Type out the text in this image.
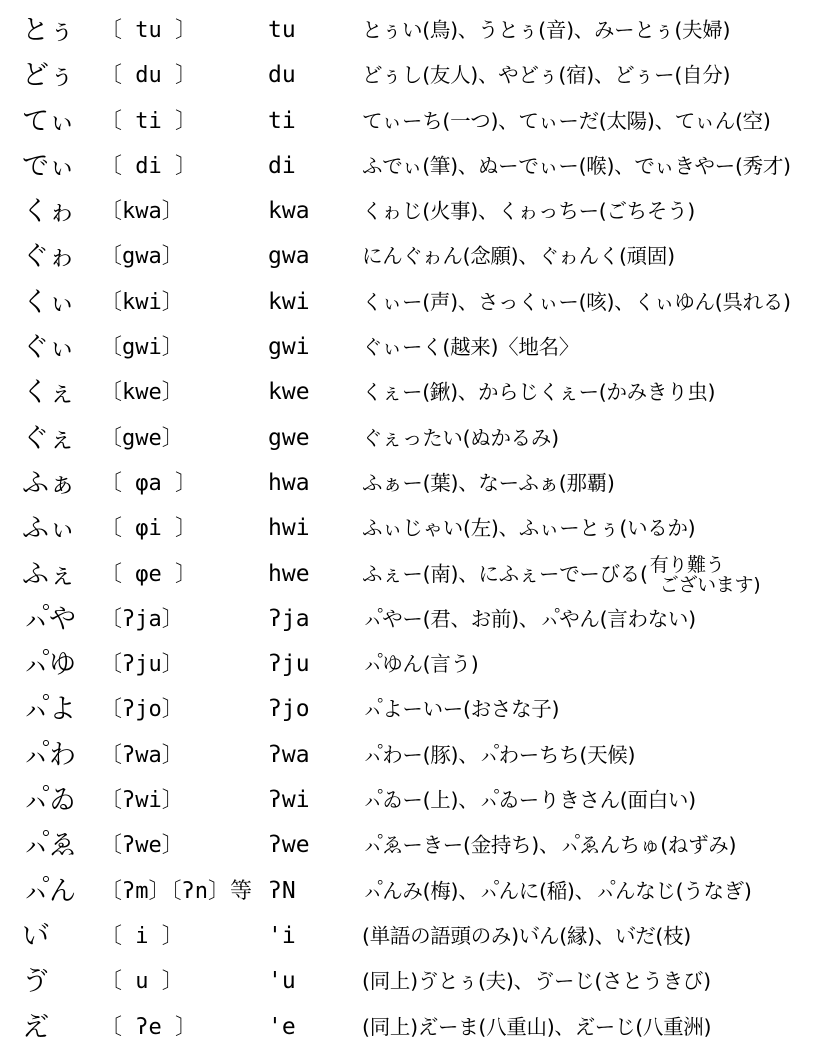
とぅ 〔 tu 〕	tu	とぅい(鳥)、うとぅ(音)、みーとぅ(夫婦)
どぅ 〔 du 〕	du	どぅし(友人)、やどぅ(宿)、どぅー(自分)
てぃ 〔 ti 〕	ti	てぃーち(一つ)、てぃーだ(太陽)、てぃん(空)
でぃ 〔 di 〕	di	ふでぃ(筆)、ぬーでぃー(喉)、でぃきやー(秀才)
くゎ 〔kwa〕	kwa	くゎじ(火事)、くゎっちー(ごちそう)
ぐゎ 〔gwa〕	gwa	にんぐゎん(念願)、ぐゎんく(頑固)
くぃ 〔kwi〕	kwi	くぃー(声)、さっくぃー(咳)、くぃゆん(呉れる)
ぐぃ 〔gwi〕	gwi	ぐぃーく(越来)〈地名〉
くぇ 〔kwe〕	kwe	くぇー(鍬)、からじくぇー(かみきり虫)
ぐぇ 〔gwe〕	gwe	ぐぇったい(ぬかるみ)
ふぁ 〔 φa 〕	hwa	ふぁー(葉)、なーふぁ(那覇)
ふぃ 〔 φi 〕	hwi	ふぃじゃい(左)、ふぃーとぅ(いるか)
ふぇ 〔 φe 〕	hwe	ふぇー(南)、にふぇーでーびる( 有り難う
ございます)
ㇵ゚や 〔ʔja〕	ʔja	ㇵ゚やー(君、お前)、ㇵ゚やん(言わない)
ㇵ゚ゆ 〔ʔju〕	ʔju	ㇵ゚ゆん(言う)
ㇵ゚よ 〔ʔjo〕	ʔjo	ㇵ゚よーいー(おさな子)
ㇵ゚わ 〔ʔwa〕	ʔwa	ㇵ゚わー(豚)、ㇵ゚わーちち(天候)
ㇵ゚ゐ 〔ʔwi〕	ʔwi	ㇵ゚ゐー(上)、ㇵ゚ゐーりきさん(面白い)
ㇵ゚ゑ 〔ʔwe〕	ʔwe	ㇵ゚ゑーきー(金持ち)、ㇵ゚ゑんちゅ(ねずみ)
ㇵ゚ん 〔ʔm〕〔ʔn〕等 ʔN	ㇵ゚んみ(梅)、ㇵ゚んに(稲)、ㇵ゚んなじ(うなぎ)
い゙ 〔 i 〕	'i	(単語の語頭のみ)い゙ん(縁)、い゙だ(枝)
ゔ 〔 u 〕	'u	(同上)ゔとぅ(夫)、ゔーじ(さとうきび)
え゙ 〔 ʔe 〕	'e	(同上)え゙ーま(八重山)、え゙ーじ(八重洲)
